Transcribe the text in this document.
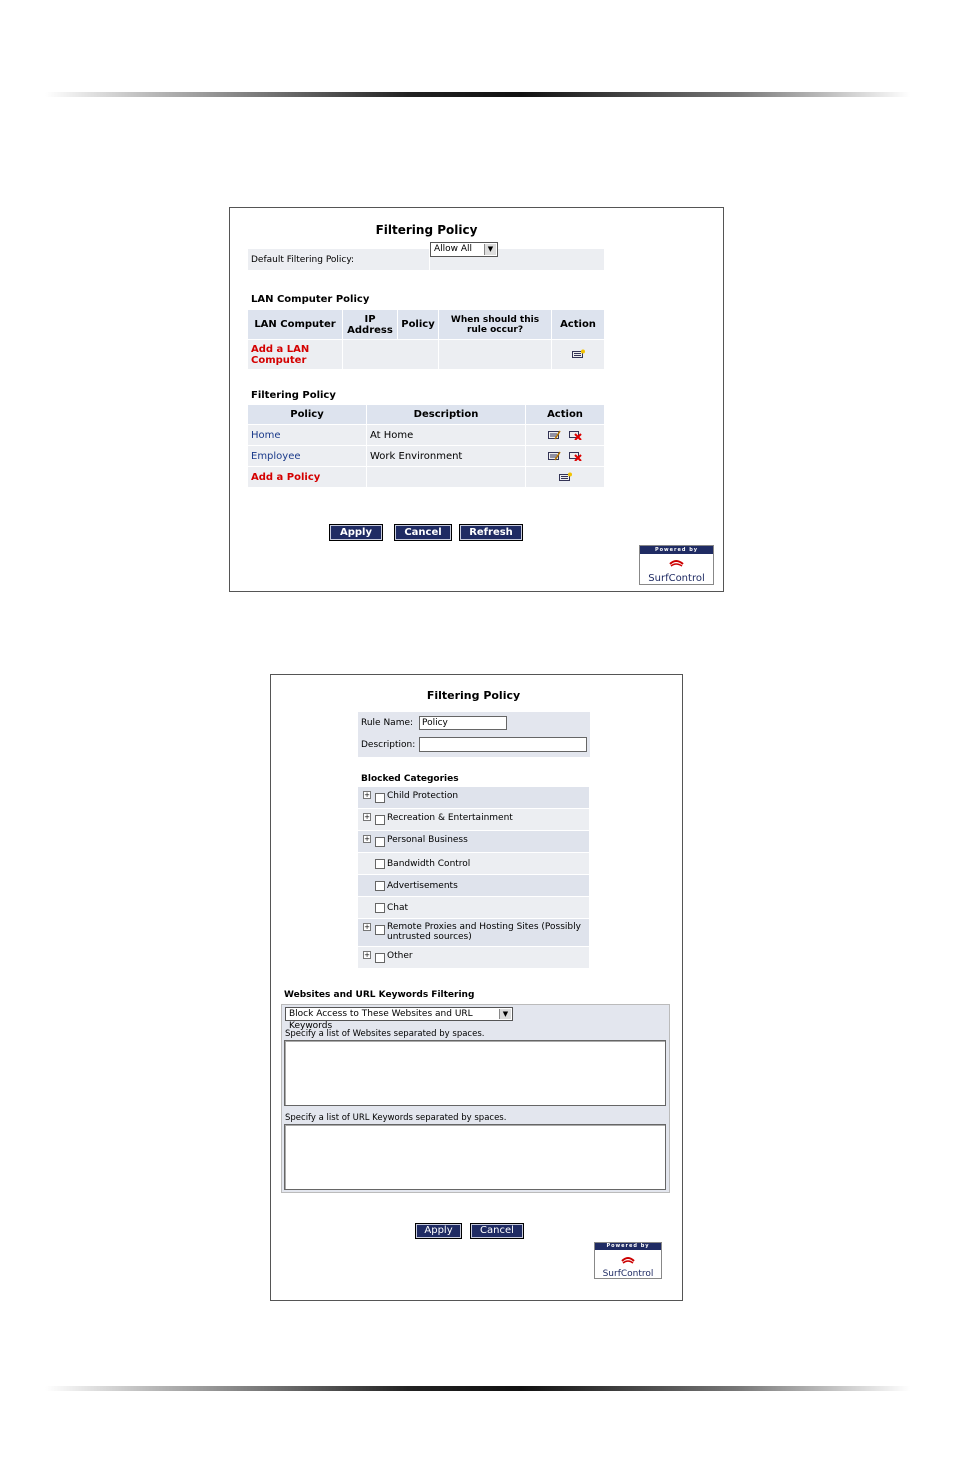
Filtering Policy
Default Filtering Policy:	
Allow All	▼
LAN Computer Policy
LAN Computer	IP Address	Policy	When should this rule occur?	Action
Add a LAN Computer			
Filtering Policy
Policy	Description	Action
Home	At Home	
Employee	Work Environment	
Add a Policy		
Apply	Cancel	Refresh
Powered by
SurfControl
Filtering Policy
Rule Name: Policy
Description:
Blocked Categories
+ Child Protection
+ Recreation & Entertainment
+ Personal Business
Bandwidth Control
Advertisements
Chat
+ Remote Proxies and Hosting Sites (Possibly untrusted sources)
+ Other
Websites and URL Keywords Filtering
Block Access to These Websites and URL Keywords
▼
Specify a list of Websites separated by spaces.
Specify a list of URL Keywords separated by spaces.
Apply	Cancel
Powered by
SurfControl
